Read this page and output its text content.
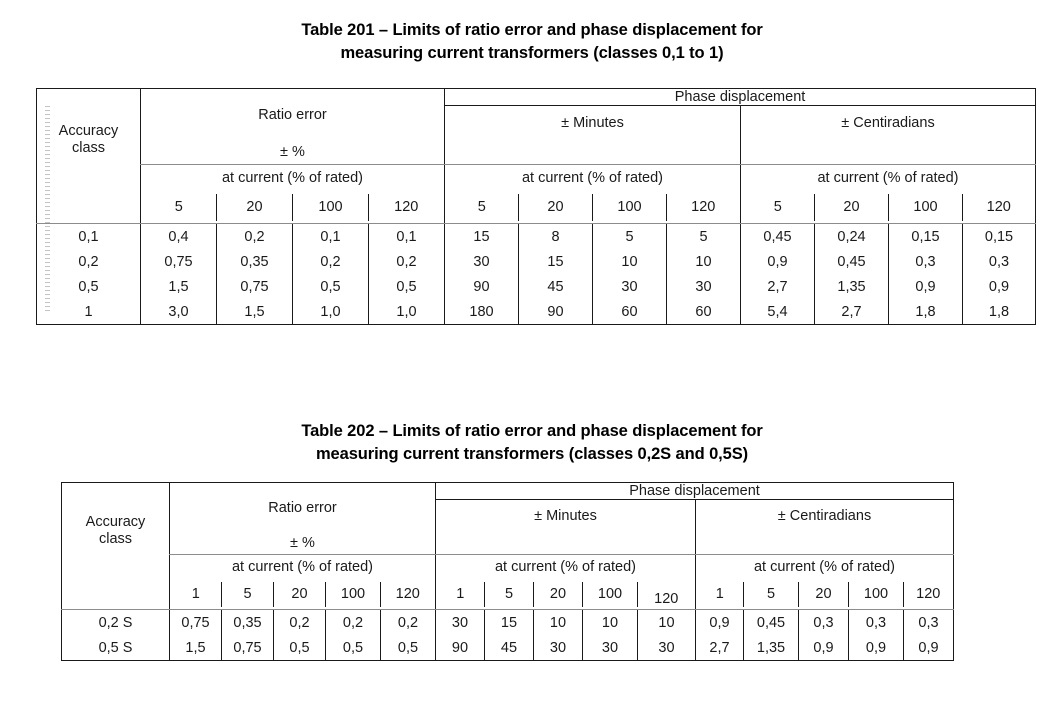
Table 201 – Limits of ratio error and phase displacement for
measuring current transformers (classes 0,1 to 1)
Accuracy
class	Ratio error				Phase displacement							
					± Minutes				± Centiradians			
	± %											
	at current (% of rated)				at current (% of rated)				at current (% of rated)			
	5	20	100	120	5	20	100	120	5	20	100	120
0,1	0,4	0,2	0,1	0,1	15	8	5	5	0,45	0,24	0,15	0,15
0,2	0,75	0,35	0,2	0,2	30	15	10	10	0,9	0,45	0,3	0,3
0,5	1,5	0,75	0,5	0,5	90	45	30	30	2,7	1,35	0,9	0,9
1	3,0	1,5	1,0	1,0	180	90	60	60	5,4	2,7	1,8	1,8
Table 202 – Limits of ratio error and phase displacement for
measuring current transformers (classes 0,2S and 0,5S)
Accuracy
class	Ratio error					Phase displacement									
						± Minutes					± Centiradians				
	± %														
	at current (% of rated)					at current (% of rated)					at current (% of rated)				
	1	5	20	100	120	1	5	20	100	120	1	5	20	100	120
0,2 S	0,75	0,35	0,2	0,2	0,2	30	15	10	10	10	0,9	0,45	0,3	0,3	0,3
0,5 S	1,5	0,75	0,5	0,5	0,5	90	45	30	30	30	2,7	1,35	0,9	0,9	0,9
